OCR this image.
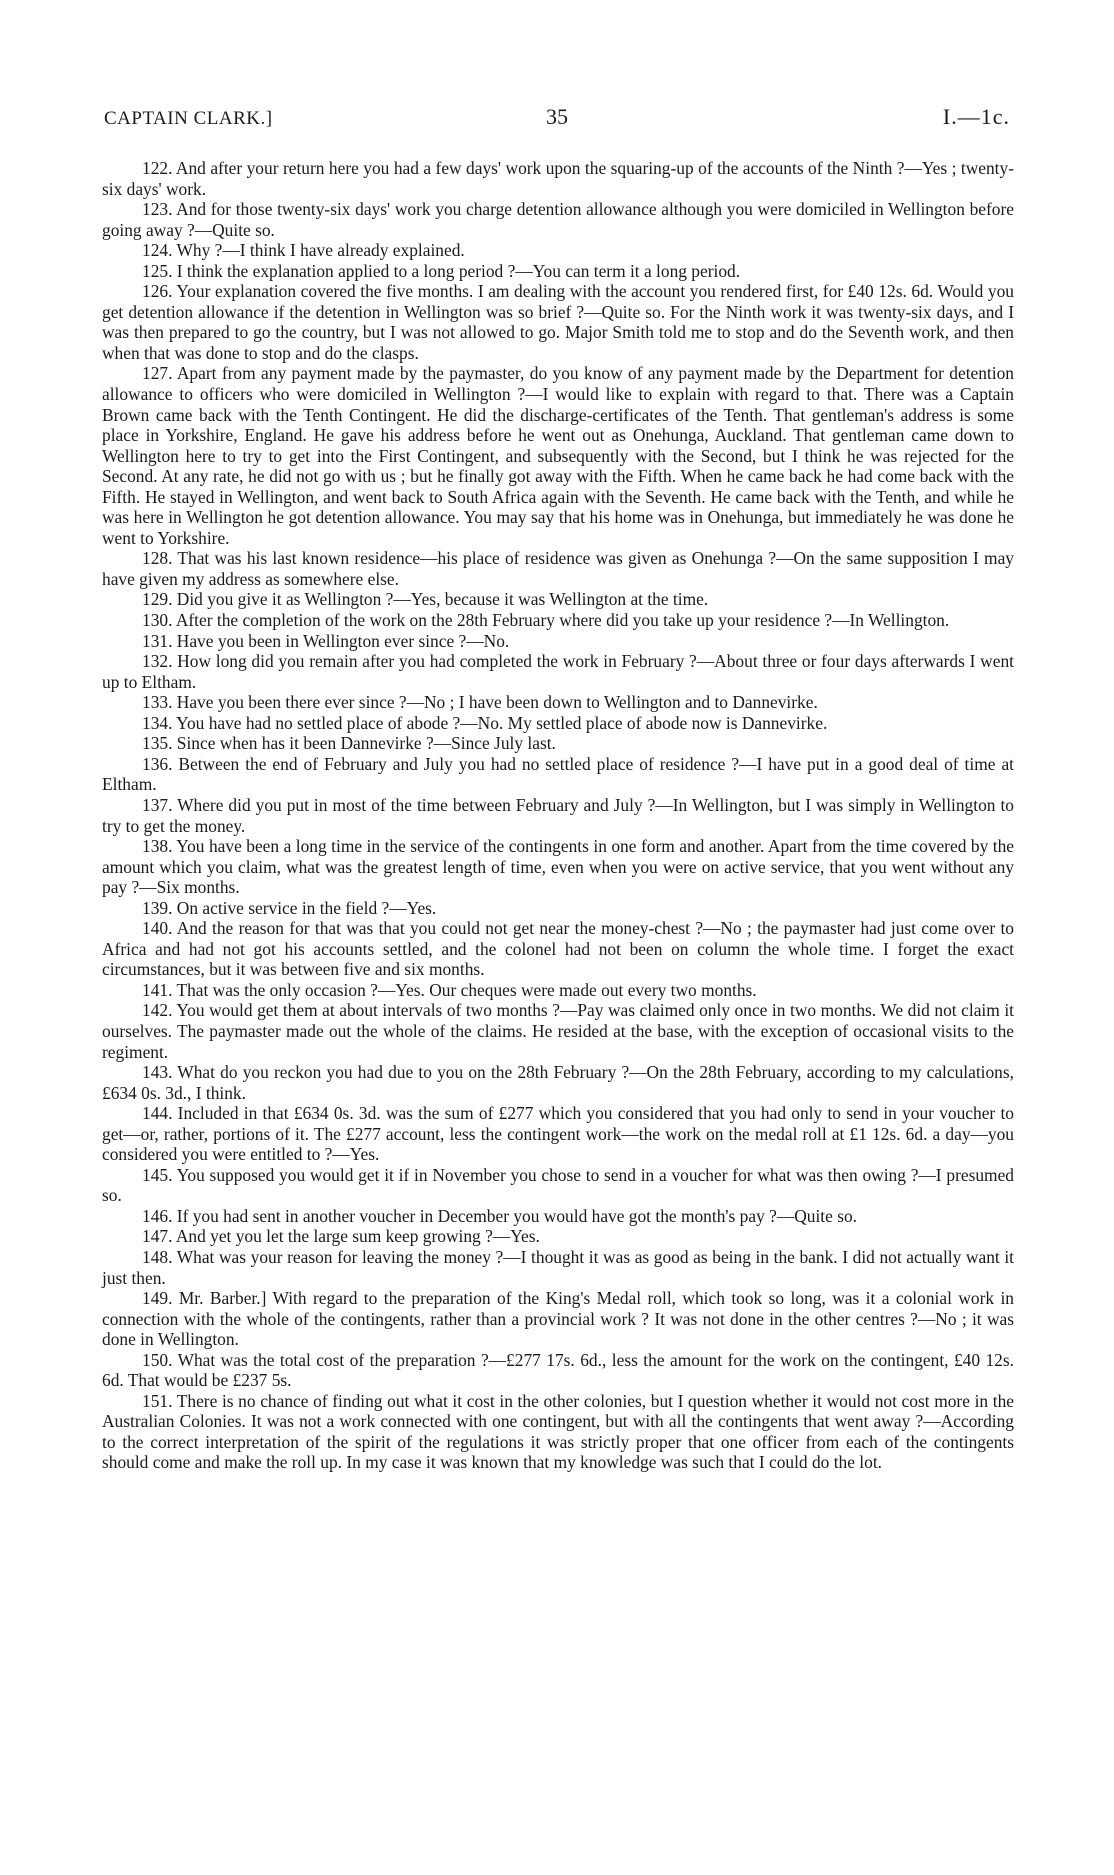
CAPTAIN CLARK.]	35	I.—1c.

122. And after your return here you had a few days' work upon the squaring-up of the accounts of the Ninth ?—Yes ; twenty-six days' work.

123. And for those twenty-six days' work you charge detention allowance although you were domiciled in Wellington before going away ?—Quite so.

124. Why ?—I think I have already explained.

125. I think the explanation applied to a long period ?—You can term it a long period.

126. Your explanation covered the five months. I am dealing with the account you rendered first, for £40 12s. 6d. Would you get detention allowance if the detention in Wellington was so brief ?—Quite so. For the Ninth work it was twenty-six days, and I was then prepared to go the country, but I was not allowed to go. Major Smith told me to stop and do the Seventh work, and then when that was done to stop and do the clasps.

127. Apart from any payment made by the paymaster, do you know of any payment made by the Department for detention allowance to officers who were domiciled in Wellington ?—I would like to explain with regard to that. There was a Captain Brown came back with the Tenth Contingent. He did the discharge-certificates of the Tenth. That gentleman's address is some place in Yorkshire, England. He gave his address before he went out as Onehunga, Auckland. That gentleman came down to Wellington here to try to get into the First Contingent, and subsequently with the Second, but I think he was rejected for the Second. At any rate, he did not go with us ; but he finally got away with the Fifth. When he came back he had come back with the Fifth. He stayed in Wellington, and went back to South Africa again with the Seventh. He came back with the Tenth, and while he was here in Wellington he got detention allowance. You may say that his home was in Onehunga, but immediately he was done he went to Yorkshire.

128. That was his last known residence—his place of residence was given as Onehunga ?—On the same supposition I may have given my address as somewhere else.

129. Did you give it as Wellington ?—Yes, because it was Wellington at the time.

130. After the completion of the work on the 28th February where did you take up your residence ?—In Wellington.

131. Have you been in Wellington ever since ?—No.

132. How long did you remain after you had completed the work in February ?—About three or four days afterwards I went up to Eltham.

133. Have you been there ever since ?—No ; I have been down to Wellington and to Dannevirke.

134. You have had no settled place of abode ?—No. My settled place of abode now is Dannevirke.

135. Since when has it been Dannevirke ?—Since July last.

136. Between the end of February and July you had no settled place of residence ?—I have put in a good deal of time at Eltham.

137. Where did you put in most of the time between February and July ?—In Wellington, but I was simply in Wellington to try to get the money.

138. You have been a long time in the service of the contingents in one form and another. Apart from the time covered by the amount which you claim, what was the greatest length of time, even when you were on active service, that you went without any pay ?—Six months.

139. On active service in the field ?—Yes.

140. And the reason for that was that you could not get near the money-chest ?—No ; the paymaster had just come over to Africa and had not got his accounts settled, and the colonel had not been on column the whole time. I forget the exact circumstances, but it was between five and six months.

141. That was the only occasion ?—Yes. Our cheques were made out every two months.

142. You would get them at about intervals of two months ?—Pay was claimed only once in two months. We did not claim it ourselves. The paymaster made out the whole of the claims. He resided at the base, with the exception of occasional visits to the regiment.

143. What do you reckon you had due to you on the 28th February ?—On the 28th February, according to my calculations, £634 0s. 3d., I think.

144. Included in that £634 0s. 3d. was the sum of £277 which you considered that you had only to send in your voucher to get—or, rather, portions of it. The £277 account, less the contingent work—the work on the medal roll at £1 12s. 6d. a day—you considered you were entitled to ?—Yes.

145. You supposed you would get it if in November you chose to send in a voucher for what was then owing ?—I presumed so.

146. If you had sent in another voucher in December you would have got the month's pay ?—Quite so.

147. And yet you let the large sum keep growing ?—Yes.

148. What was your reason for leaving the money ?—I thought it was as good as being in the bank. I did not actually want it just then.

149. Mr. Barber.] With regard to the preparation of the King's Medal roll, which took so long, was it a colonial work in connection with the whole of the contingents, rather than a provincial work ? It was not done in the other centres ?—No ; it was done in Wellington.

150. What was the total cost of the preparation ?—£277 17s. 6d., less the amount for the work on the contingent, £40 12s. 6d. That would be £237 5s.

151. There is no chance of finding out what it cost in the other colonies, but I question whether it would not cost more in the Australian Colonies. It was not a work connected with one contingent, but with all the contingents that went away ?—According to the correct interpretation of the spirit of the regulations it was strictly proper that one officer from each of the contingents should come and make the roll up. In my case it was known that my knowledge was such that I could do the lot.
